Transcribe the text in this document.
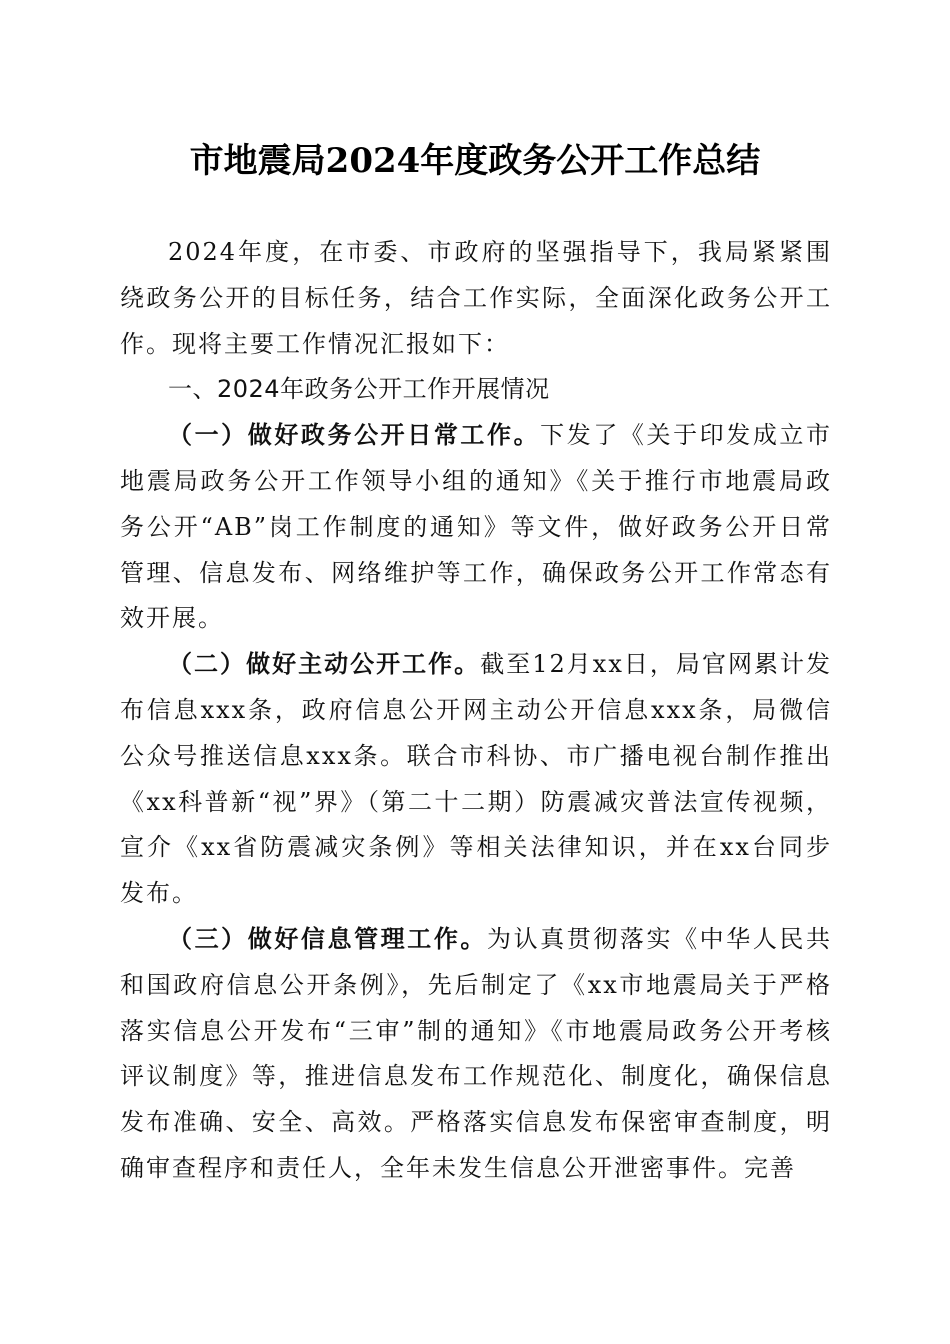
市地震局2024年度政务公开工作总结

2024年度，在市委、市政府的坚强指导下，我局紧紧围绕政务公开的目标任务，结合工作实际，全面深化政务公开工作。现将主要工作情况汇报如下：

一、2024年政务公开工作开展情况

（一）做好政务公开日常工作。下发了《关于印发成立市地震局政务公开工作领导小组的通知》《关于推行市地震局政务公开“AB”岗工作制度的通知》等文件，做好政务公开日常管理、信息发布、网络维护等工作，确保政务公开工作常态有效开展。

（二）做好主动公开工作。截至12月xx日，局官网累计发布信息xxx条，政府信息公开网主动公开信息xxx条，局微信公众号推送信息xxx条。联合市科协、市广播电视台制作推出《xx科普新“视”界》（第二十二期）防震减灾普法宣传视频，宣介《xx省防震减灾条例》等相关法律知识，并在xx台同步发布。

（三）做好信息管理工作。为认真贯彻落实《中华人民共和国政府信息公开条例》，先后制定了《xx市地震局关于严格落实信息公开发布“三审”制的通知》《市地震局政务公开考核评议制度》等，推进信息发布工作规范化、制度化，确保信息发布准确、安全、高效。严格落实信息发布保密审查制度，明确审查程序和责任人，全年未发生信息公开泄密事件。完善
